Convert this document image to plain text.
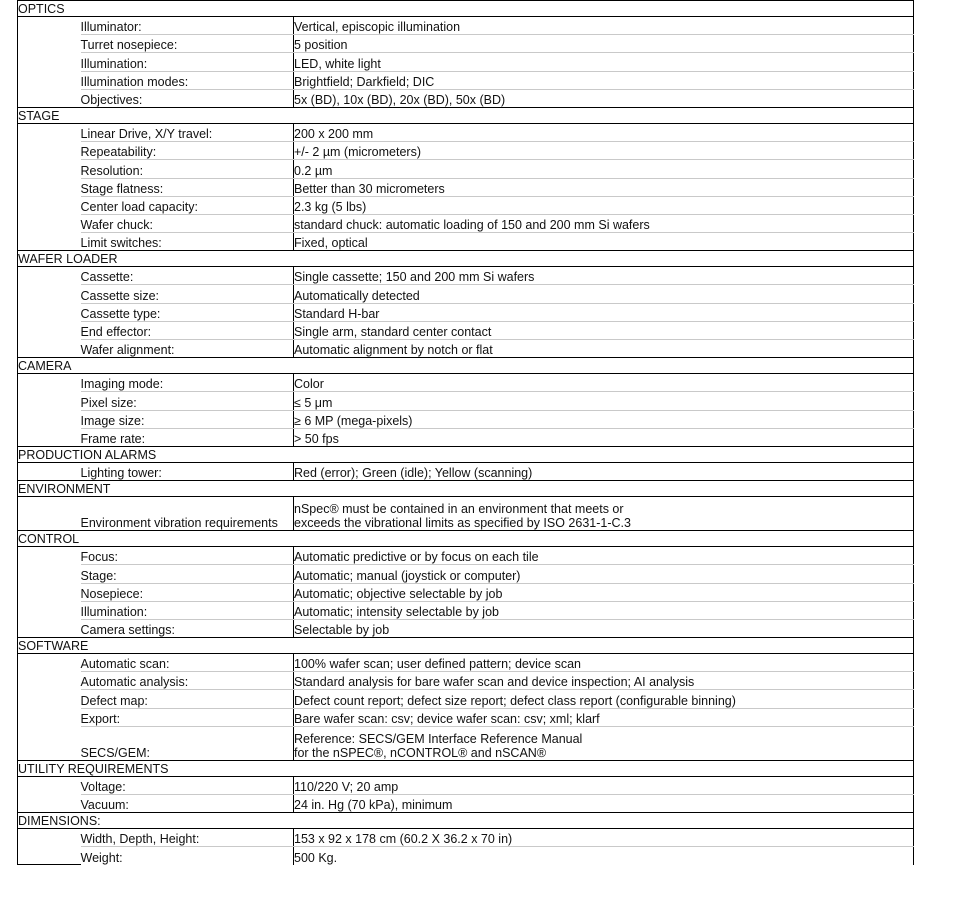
OPTICS		
	Illuminator:	Vertical, episcopic illumination

	Turret nosepiece:	5 position

	Illumination:	LED, white light

	Illumination modes:	Brightfield; Darkfield; DIC

	Objectives:	5x (BD), 10x (BD), 20x (BD), 50x (BD)

STAGE		
	Linear Drive, X/Y travel:	200 x 200 mm

	Repeatability:	+/- 2 µm (micrometers)

	Resolution:	0.2 µm

	Stage flatness:	Better than 30 micrometers

	Center load capacity:	2.3 kg (5 lbs)

	Wafer chuck:	standard chuck: automatic loading of 150 and 200 mm Si wafers

	Limit switches:	Fixed, optical

WAFER LOADER		
	Cassette:	Single cassette; 150 and 200 mm Si wafers

	Cassette size:	Automatically detected

	Cassette type:	Standard H-bar

	End effector:	Single arm, standard center contact

	Wafer alignment:	Automatic alignment by notch or flat

CAMERA		
	Imaging mode:	Color

	Pixel size:	≤ 5 μm

	Image size:	≥ 6 MP (mega-pixels)

	Frame rate:	> 50 fps

PRODUCTION ALARMS		
	Lighting tower:	Red (error); Green (idle); Yellow (scanning)

ENVIRONMENT		
	Environment vibration requirements	nSpec® must be contained in an environment that meets or
exceeds the vibrational limits as specified by ISO 2631-1-C.3

CONTROL		
	Focus:	Automatic predictive or by focus on each tile

	Stage:	Automatic; manual (joystick or computer)

	Nosepiece:	Automatic; objective selectable by job

	Illumination:	Automatic; intensity selectable by job

	Camera settings:	Selectable by job

SOFTWARE		
	Automatic scan:	100% wafer scan; user defined pattern; device scan

	Automatic analysis:	Standard analysis for bare wafer scan and device inspection; AI analysis

	Defect map:	Defect count report; defect size report; defect class report (configurable binning)

	Export:	Bare wafer scan: csv; device wafer scan: csv; xml; klarf

	SECS/GEM:	Reference: SECS/GEM Interface Reference Manual
for the nSPEC®, nCONTROL® and nSCAN®

UTILITY REQUIREMENTS		
	Voltage:	110/220 V; 20 amp

	Vacuum:	24 in. Hg (70 kPa), minimum

DIMENSIONS:		
	Width, Depth, Height:	153 x 92 x 178 cm (60.2 X 36.2 x 70 in)

	Weight:	500 Kg.
